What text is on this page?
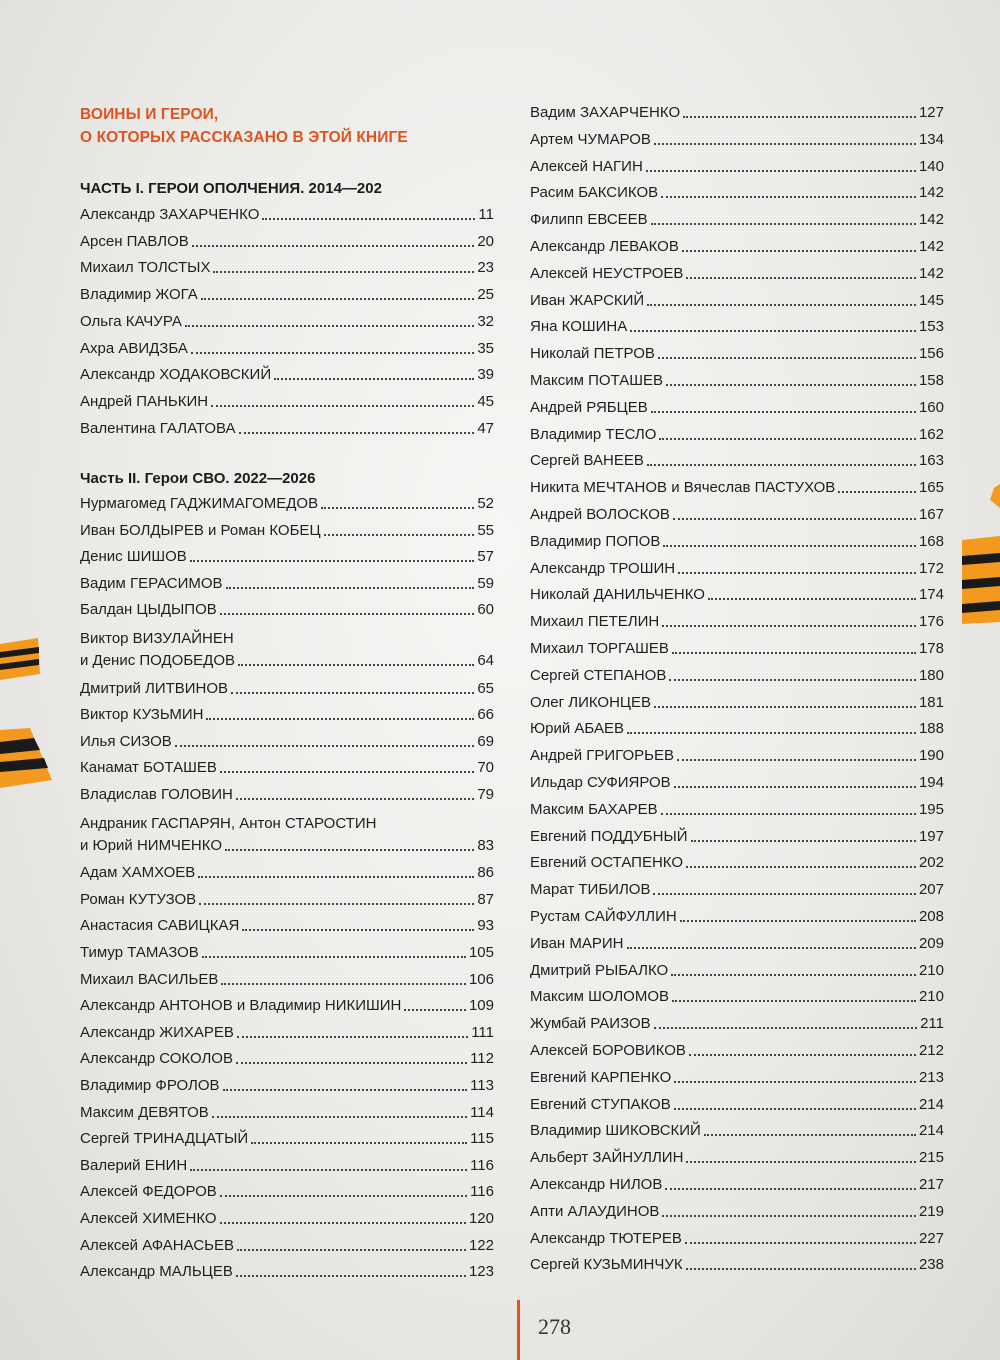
ВОИНЫ И ГЕРОИ,
О КОТОРЫХ РАССКАЗАНО В ЭТОЙ КНИГЕ
ЧАСТЬ I. ГЕРОИ ОПОЛЧЕНИЯ. 2014—202
Александр ЗАХАРЧЕНКО	11
Арсен ПАВЛОВ	20
Михаил ТОЛСТЫХ	23
Владимир ЖОГА	25
Ольга КАЧУРА	32
Ахра АВИДЗБА	35
Александр ХОДАКОВСКИЙ	39
Андрей ПАНЬКИН	45
Валентина ГАЛАТОВА	47
Часть II. Герои СВО. 2022—2026
Нурмагомед ГАДЖИМАГОМЕДОВ	52
Иван БОЛДЫРЕВ и Роман КОБЕЦ	55
Денис ШИШОВ	57
Вадим ГЕРАСИМОВ	59
Балдан ЦЫДЫПОВ	60
Виктор ВИЗУЛАЙНЕН
и Денис ПОДОБЕДОВ	64
Дмитрий ЛИТВИНОВ	65
Виктор КУЗЬМИН	66
Илья СИЗОВ	69
Канамат БОТАШЕВ	70
Владислав ГОЛОВИН	79
Андраник ГАСПАРЯН, Антон СТАРОСТИН
и Юрий НИМЧЕНКО	83
Адам ХАМХОЕВ	86
Роман КУТУЗОВ	87
Анастасия САВИЦКАЯ	93
Тимур ТАМАЗОВ	105
Михаил ВАСИЛЬЕВ	106
Александр АНТОНОВ и Владимир НИКИШИН	109
Александр ЖИХАРЕВ	111
Александр СОКОЛОВ	112
Владимир ФРОЛОВ	113
Максим ДЕВЯТОВ	114
Сергей ТРИНАДЦАТЫЙ	115
Валерий ЕНИН	116
Алексей ФЕДОРОВ	116
Алексей ХИМЕНКО	120
Алексей АФАНАСЬЕВ	122
Александр МАЛЬЦЕВ	123
Вадим ЗАХАРЧЕНКО	127
Артем ЧУМАРОВ	134
Алексей НАГИН	140
Расим БАКСИКОВ	142
Филипп ЕВСЕЕВ	142
Александр ЛЕВАКОВ	142
Алексей НЕУСТРОЕВ	142
Иван ЖАРСКИЙ	145
Яна КОШИНА	153
Николай ПЕТРОВ	156
Максим ПОТАШЕВ	158
Андрей РЯБЦЕВ	160
Владимир ТЕСЛО	162
Сергей ВАНЕЕВ	163
Никита МЕЧТАНОВ и Вячеслав ПАСТУХОВ	165
Андрей ВОЛОСКОВ	167
Владимир ПОПОВ	168
Александр ТРОШИН	172
Николай ДАНИЛЬЧЕНКО	174
Михаил ПЕТЕЛИН	176
Михаил ТОРГАШЕВ	178
Сергей СТЕПАНОВ	180
Олег ЛИКОНЦЕВ	181
Юрий АБАЕВ	188
Андрей ГРИГОРЬЕВ	190
Ильдар СУФИЯРОВ	194
Максим БАХАРЕВ	195
Евгений ПОДДУБНЫЙ	197
Евгений ОСТАПЕНКО	202
Марат ТИБИЛОВ	207
Рустам САЙФУЛЛИН	208
Иван МАРИН	209
Дмитрий РЫБАЛКО	210
Максим ШОЛОМОВ	210
Жумбай РАИЗОВ	211
Алексей БОРОВИКОВ	212
Евгений КАРПЕНКО	213
Евгений СТУПАКОВ	214
Владимир ШИКОВСКИЙ	214
Альберт ЗАЙНУЛЛИН	215
Александр НИЛОВ	217
Апти АЛАУДИНОВ	219
Александр ТЮТЕРЕВ	227
Сергей КУЗЬМИНЧУК	238
278
